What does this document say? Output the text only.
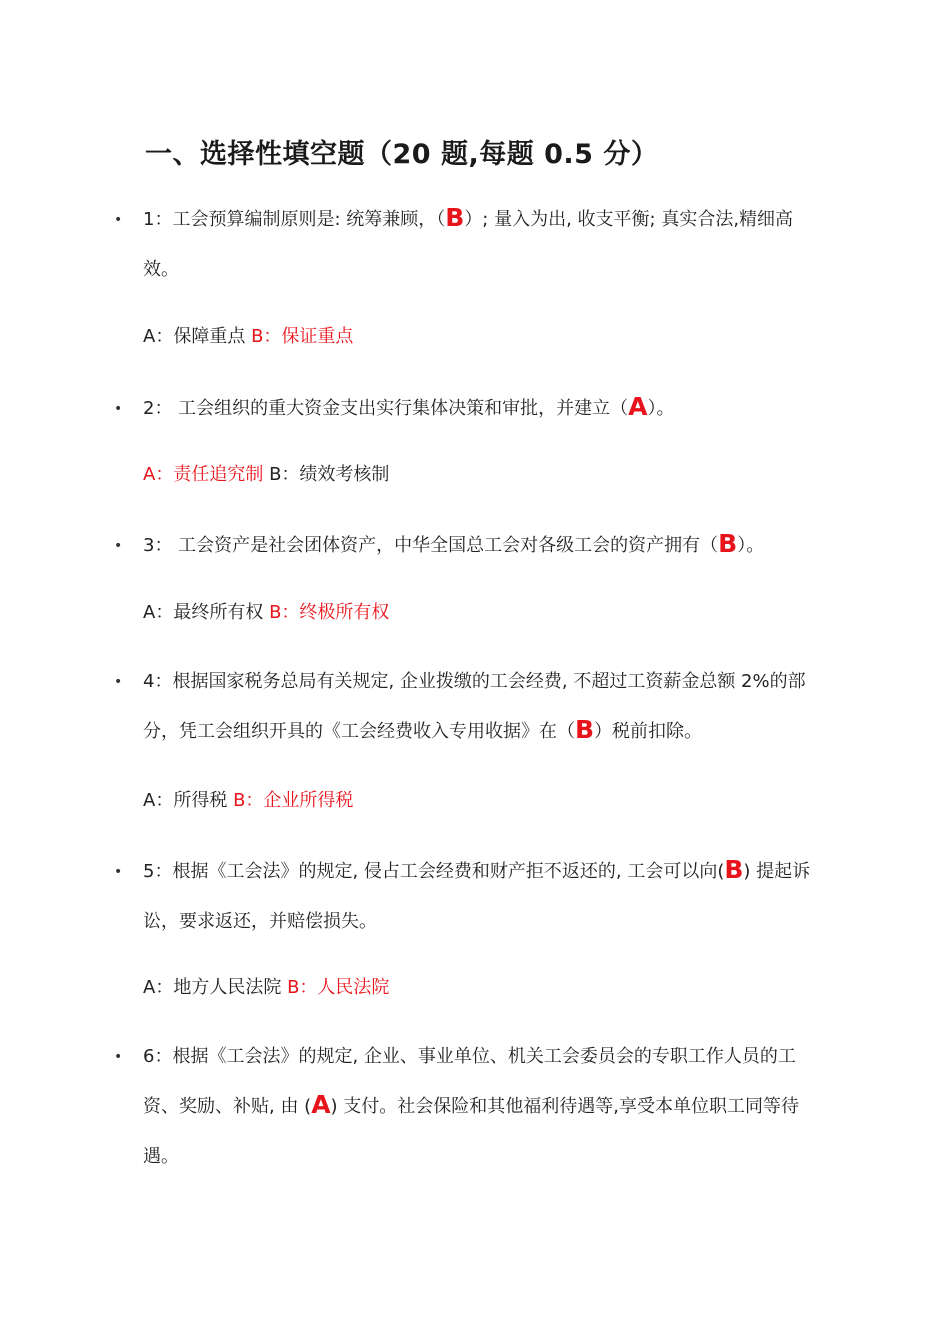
一、选择性填空题（20 题,每题 0.5 分）
• 1：工会预算编制原则是: 统筹兼顾，（B）; 量入为出, 收支平衡; 真实合法,精细高效。
A：保障重点 B：保证重点
• 2： 工会组织的重大资金支出实行集体决策和审批，并建立（A）。
A：责任追究制 B：绩效考核制
• 3： 工会资产是社会团体资产，中华全国总工会对各级工会的资产拥有（B）。
A：最终所有权 B：终极所有权
• 4：根据国家税务总局有关规定, 企业拨缴的工会经费, 不超过工资薪金总额 2%的部分，凭工会组织开具的《工会经费收入专用收据》在（B）税前扣除。
A：所得税 B：企业所得税
• 5：根据《工会法》的规定, 侵占工会经费和财产拒不返还的, 工会可以向(B) 提起诉讼，要求返还，并赔偿损失。
A：地方人民法院 B：人民法院
• 6：根据《工会法》的规定, 企业、事业单位、机关工会委员会的专职工作人员的工资、奖励、补贴, 由 (A) 支付。社会保险和其他福利待遇等,享受本单位职工同等待遇。
